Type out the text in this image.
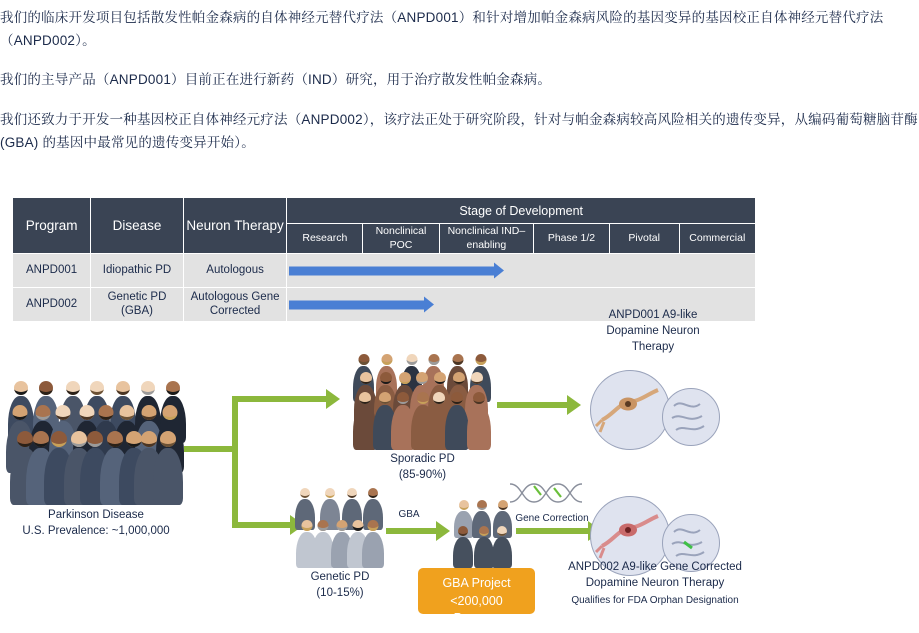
我们的临床开发项目包括散发性帕金森病的自体神经元替代疗法（ANPD001）和针对增加帕金森病风险的基因变异的基因校正自体神经元替代疗法（ANPD002）。

我们的主导产品（ANPD001）目前正在进行新药（IND）研究，用于治疗散发性帕金森病。

我们还致力于开发一种基因校正自体神经元疗法（ANPD002），该疗法正处于研究阶段，针对与帕金森病较高风险相关的遗传变异，从编码葡萄糖脑苷酶 (GBA) 的基因中最常见的遗传变异开始）。

Program	Disease	Neuron Therapy	Stage of Development					
			Research	Nonclinical POC	Nonclinical IND–enabling	Phase 1/2	Pivotal	Commercial
ANPD001	Idiopathic PD	Autologous						

ANPD002	Genetic PD (GBA)	Autologous Gene Corrected						
Parkinson Disease
U.S. Prevalence: ~1,000,000
Sporadic PD
(85-90%)
Genetic PD
(10-15%)
GBA	Gene Correction
GBA Project
<200,000 Persons
ANPD001 A9-like
Dopamine Neuron
Therapy
ANPD002 A9-like Gene Corrected
Dopamine Neuron Therapy
Qualifies for FDA Orphan Designation
